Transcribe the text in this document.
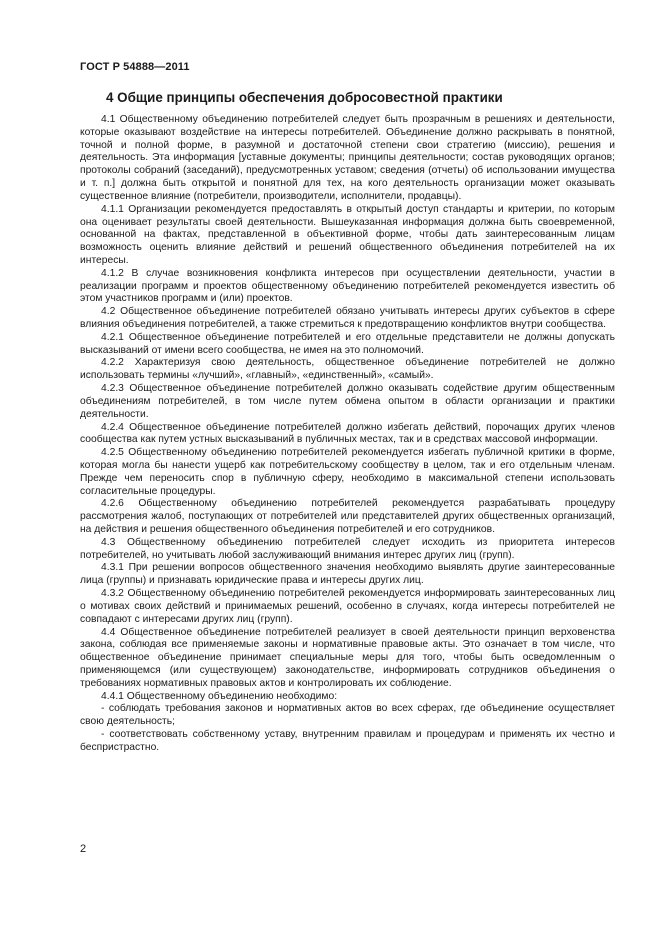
ГОСТ Р 54888—2011
4 Общие принципы обеспечения добросовестной практики

4.1 Общественному объединению потребителей следует быть прозрачным в решениях и деятельности, которые оказывают воздействие на интересы потребителей. Объединение должно раскрывать в понятной, точной и полной форме, в разумной и достаточной степени свои стратегию (миссию), решения и деятельность. Эта информация [уставные документы; принципы деятельности; состав руководящих органов; протоколы собраний (заседаний), предусмотренных уставом; сведения (отчеты) об использовании имущества и т. п.] должна быть открытой и понятной для тех, на кого деятельность организации может оказывать существенное влияние (потребители, производители, исполнители, продавцы).

4.1.1 Организации рекомендуется предоставлять в открытый доступ стандарты и критерии, по которым она оценивает результаты своей деятельности. Вышеуказанная информация должна быть своевременной, основанной на фактах, представленной в объективной форме, чтобы дать заинтересованным лицам возможность оценить влияние действий и решений общественного объединения потребителей на их интересы.

4.1.2 В случае возникновения конфликта интересов при осуществлении деятельности, участии в реализации программ и проектов общественному объединению потребителей рекомендуется известить об этом участников программ и (или) проектов.

4.2 Общественное объединение потребителей обязано учитывать интересы других субъектов в сфере влияния объединения потребителей, а также стремиться к предотвращению конфликтов внутри сообщества.

4.2.1 Общественное объединение потребителей и его отдельные представители не должны допускать высказываний от имени всего сообщества, не имея на это полномочий.

4.2.2 Характеризуя свою деятельность, общественное объединение потребителей не должно использовать термины «лучший», «главный», «единственный», «самый».

4.2.3 Общественное объединение потребителей должно оказывать содействие другим общественным объединениям потребителей, в том числе путем обмена опытом в области организации и практики деятельности.

4.2.4 Общественное объединение потребителей должно избегать действий, порочащих других членов сообщества как путем устных высказываний в публичных местах, так и в средствах массовой информации.

4.2.5 Общественному объединению потребителей рекомендуется избегать публичной критики в форме, которая могла бы нанести ущерб как потребительскому сообществу в целом, так и его отдельным членам. Прежде чем переносить спор в публичную сферу, необходимо в максимальной степени использовать согласительные процедуры.

4.2.6 Общественному объединению потребителей рекомендуется разрабатывать процедуру рассмотрения жалоб, поступающих от потребителей или представителей других общественных организаций, на действия и решения общественного объединения потребителей и его сотрудников.

4.3 Общественному объединению потребителей следует исходить из приоритета интересов потребителей, но учитывать любой заслуживающий внимания интерес других лиц (групп).

4.3.1 При решении вопросов общественного значения необходимо выявлять другие заинтересованные лица (группы) и признавать юридические права и интересы других лиц.

4.3.2 Общественному объединению потребителей рекомендуется информировать заинтересованных лиц о мотивах своих действий и принимаемых решений, особенно в случаях, когда интересы потребителей не совпадают с интересами других лиц (групп).

4.4 Общественное объединение потребителей реализует в своей деятельности принцип верховенства закона, соблюдая все применяемые законы и нормативные правовые акты. Это означает в том числе, что общественное объединение принимает специальные меры для того, чтобы быть осведомленным о применяющемся (или существующем) законодательстве, информировать сотрудников объединения о требованиях нормативных правовых актов и контролировать их соблюдение.

4.4.1 Общественному объединению необходимо:

- соблюдать требования законов и нормативных актов во всех сферах, где объединение осуществляет свою деятельность;

- соответствовать собственному уставу, внутренним правилам и процедурам и применять их честно и беспристрастно.

2
